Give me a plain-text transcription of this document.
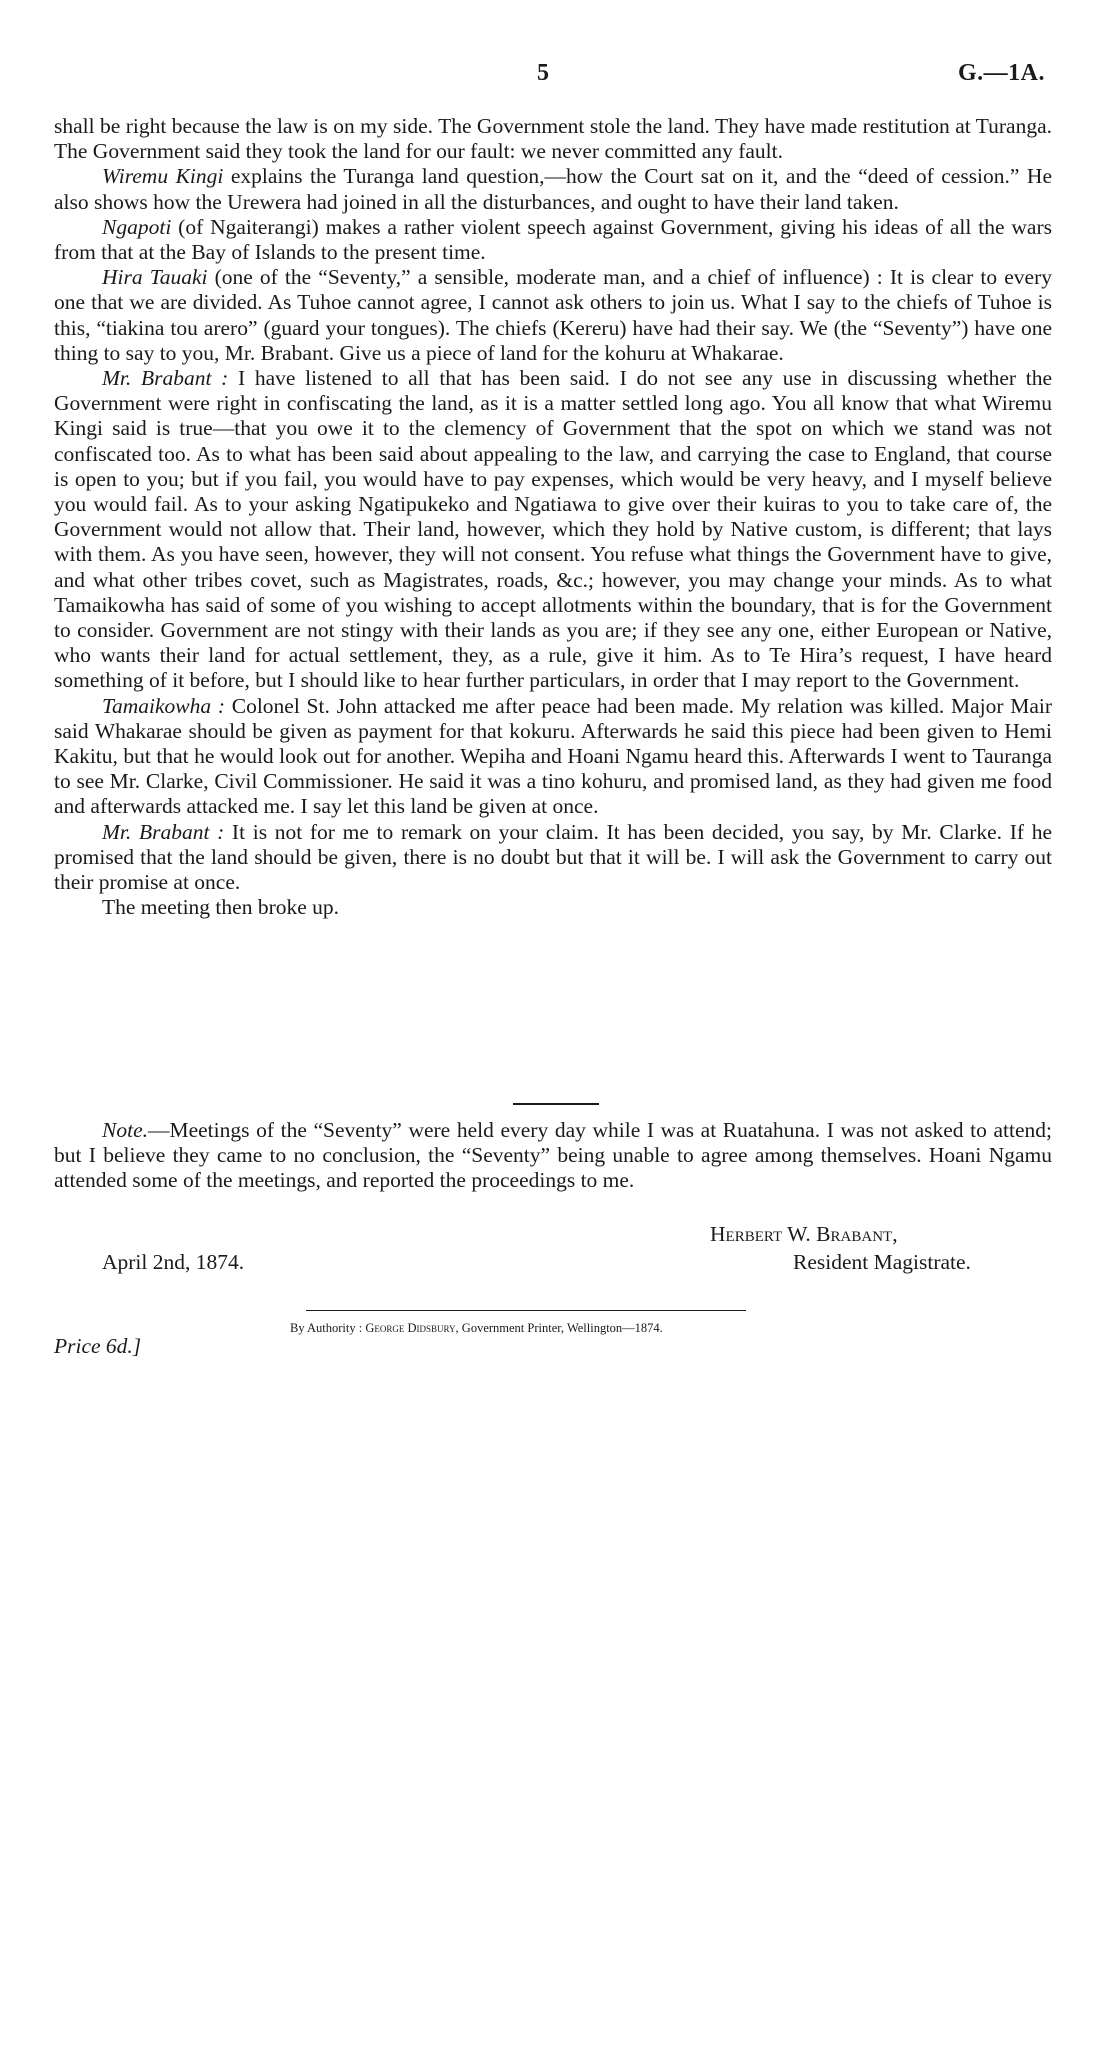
5	G.—1A.

shall be right because the law is on my side. The Government stole the land. They have made restitution at Turanga. The Government said they took the land for our fault: we never committed any fault.

Wiremu Kingi explains the Turanga land question,—how the Court sat on it, and the “deed of cession.” He also shows how the Urewera had joined in all the disturbances, and ought to have their land taken.

Ngapoti (of Ngaiterangi) makes a rather violent speech against Government, giving his ideas of all the wars from that at the Bay of Islands to the present time.

Hira Tauaki (one of the “Seventy,” a sensible, moderate man, and a chief of influence) : It is clear to every one that we are divided. As Tuhoe cannot agree, I cannot ask others to join us. What I say to the chiefs of Tuhoe is this, “tiakina tou arero” (guard your tongues). The chiefs (Kereru) have had their say. We (the “Seventy”) have one thing to say to you, Mr. Brabant. Give us a piece of land for the kohuru at Whakarae.

Mr. Brabant : I have listened to all that has been said. I do not see any use in discussing whether the Government were right in confiscating the land, as it is a matter settled long ago. You all know that what Wiremu Kingi said is true—that you owe it to the clemency of Government that the spot on which we stand was not confiscated too. As to what has been said about appealing to the law, and carrying the case to England, that course is open to you; but if you fail, you would have to pay expenses, which would be very heavy, and I myself believe you would fail. As to your asking Ngatipukeko and Ngatiawa to give over their kuiras to you to take care of, the Government would not allow that. Their land, however, which they hold by Native custom, is different; that lays with them. As you have seen, however, they will not consent. You refuse what things the Government have to give, and what other tribes covet, such as Magistrates, roads, &c.; however, you may change your minds. As to what Tamaikowha has said of some of you wishing to accept allotments within the boundary, that is for the Government to consider. Government are not stingy with their lands as you are; if they see any one, either European or Native, who wants their land for actual settlement, they, as a rule, give it him. As to Te Hira’s request, I have heard something of it before, but I should like to hear further particulars, in order that I may report to the Government.

Tamaikowha : Colonel St. John attacked me after peace had been made. My relation was killed. Major Mair said Whakarae should be given as payment for that kokuru. Afterwards he said this piece had been given to Hemi Kakitu, but that he would look out for another. Wepiha and Hoani Ngamu heard this. Afterwards I went to Tauranga to see Mr. Clarke, Civil Commissioner. He said it was a tino kohuru, and promised land, as they had given me food and afterwards attacked me. I say let this land be given at once.

Mr. Brabant : It is not for me to remark on your claim. It has been decided, you say, by Mr. Clarke. If he promised that the land should be given, there is no doubt but that it will be. I will ask the Government to carry out their promise at once.

The meeting then broke up.

Note.—Meetings of the “Seventy” were held every day while I was at Ruatahuna. I was not asked to attend; but I believe they came to no conclusion, the “Seventy” being unable to agree among themselves. Hoani Ngamu attended some of the meetings, and reported the proceedings to me.

Herbert W. Brabant,
April 2nd, 1874.	Resident Magistrate.
By Authority : George Didsbury, Government Printer, Wellington—1874.
Price 6d.]
